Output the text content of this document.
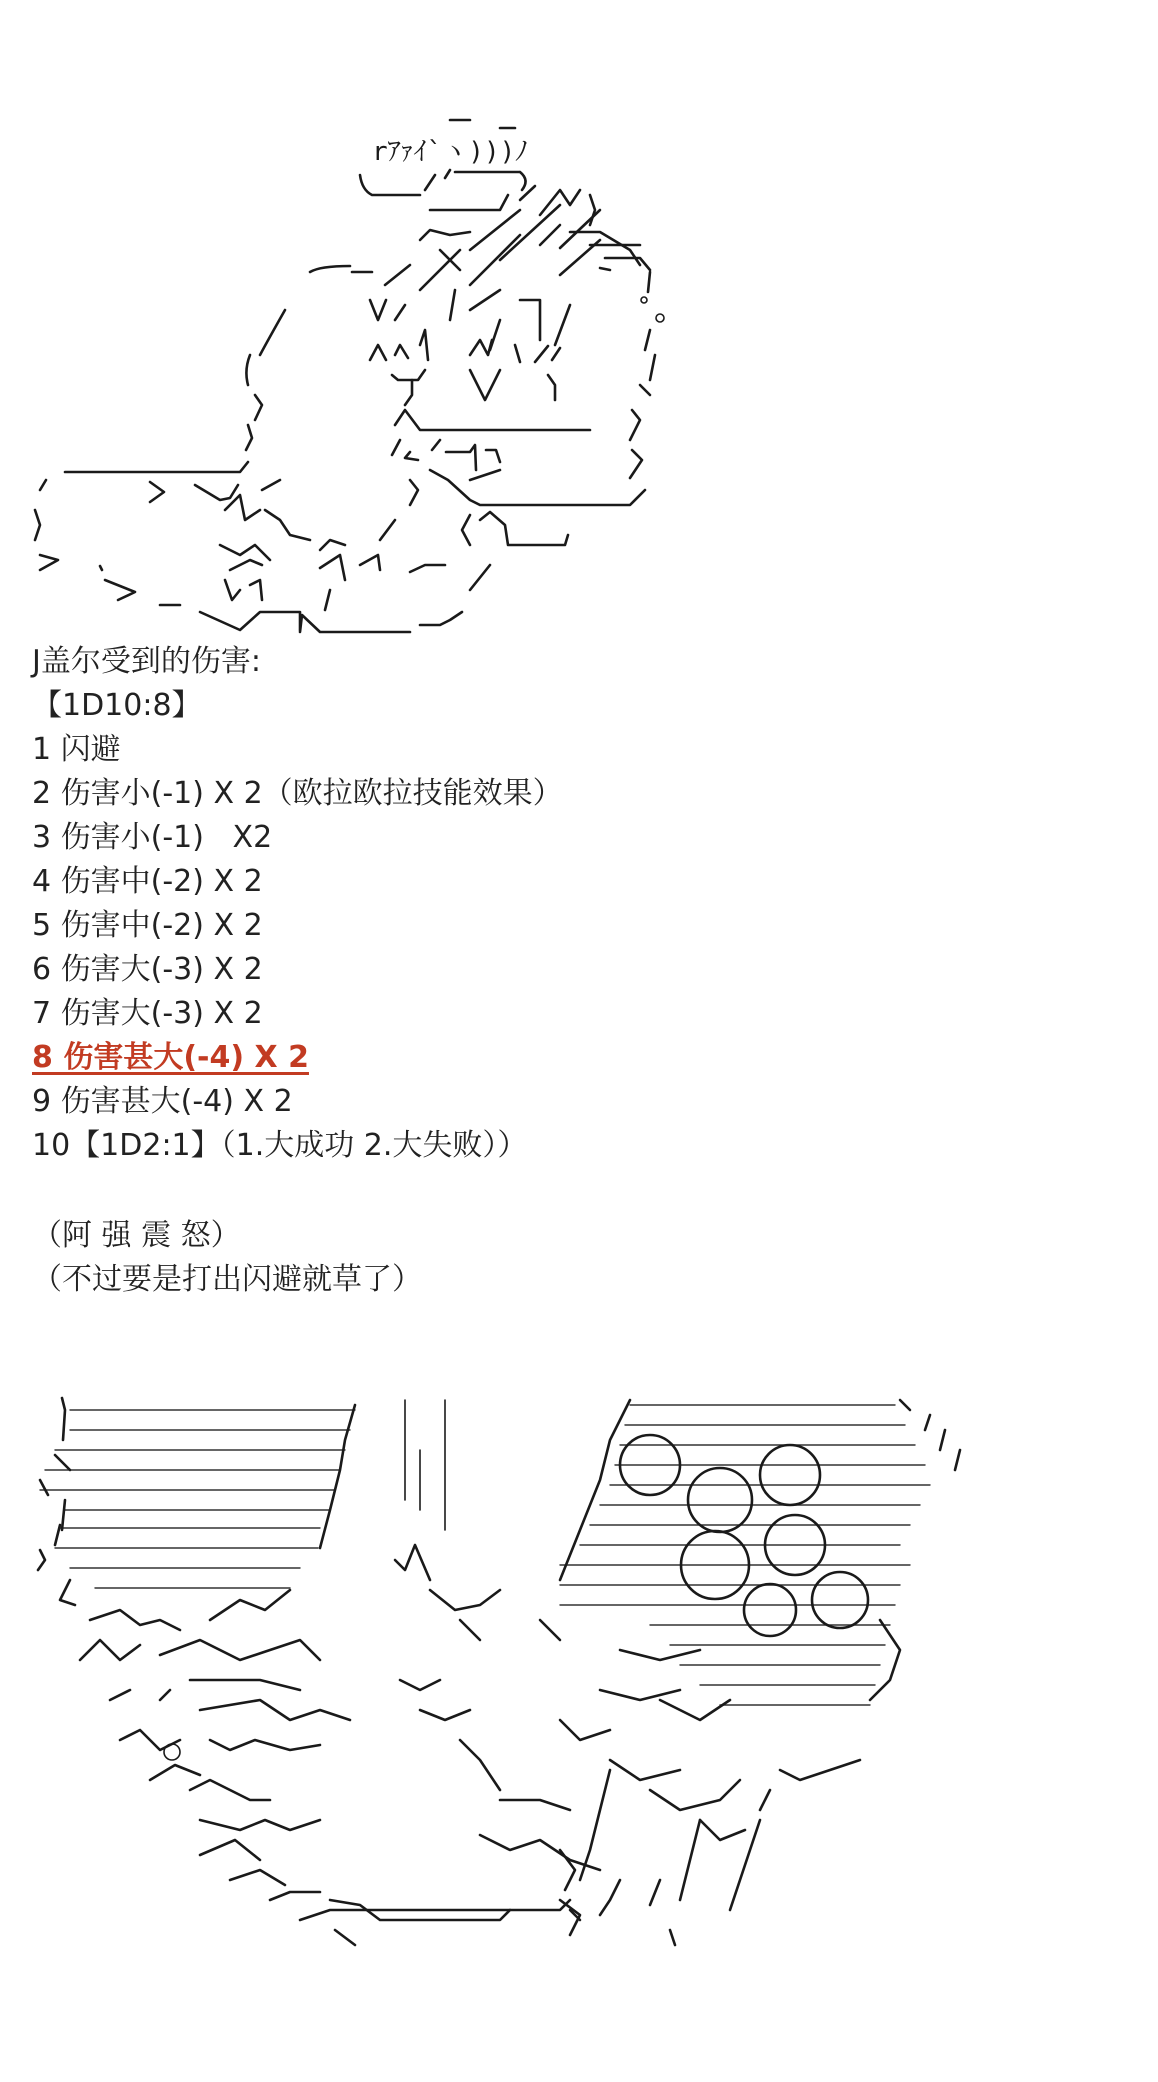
rｱｧｲ`ヽ)))ﾉ
J盖尔受到的伤害:
【1D10:8】
1 闪避
2 伤害小(-1) X 2（欧拉欧拉技能效果）
3 伤害小(-1)   X2
4 伤害中(-2) X 2
5 伤害中(-2) X 2
6 伤害大(-3) X 2
7 伤害大(-3) X 2
8 伤害甚大(-4) X 2
9 伤害甚大(-4) X 2
10【1D2:1】（1.大成功 2.大失败））
（阿 强 震 怒）
（不过要是打出闪避就草了）
